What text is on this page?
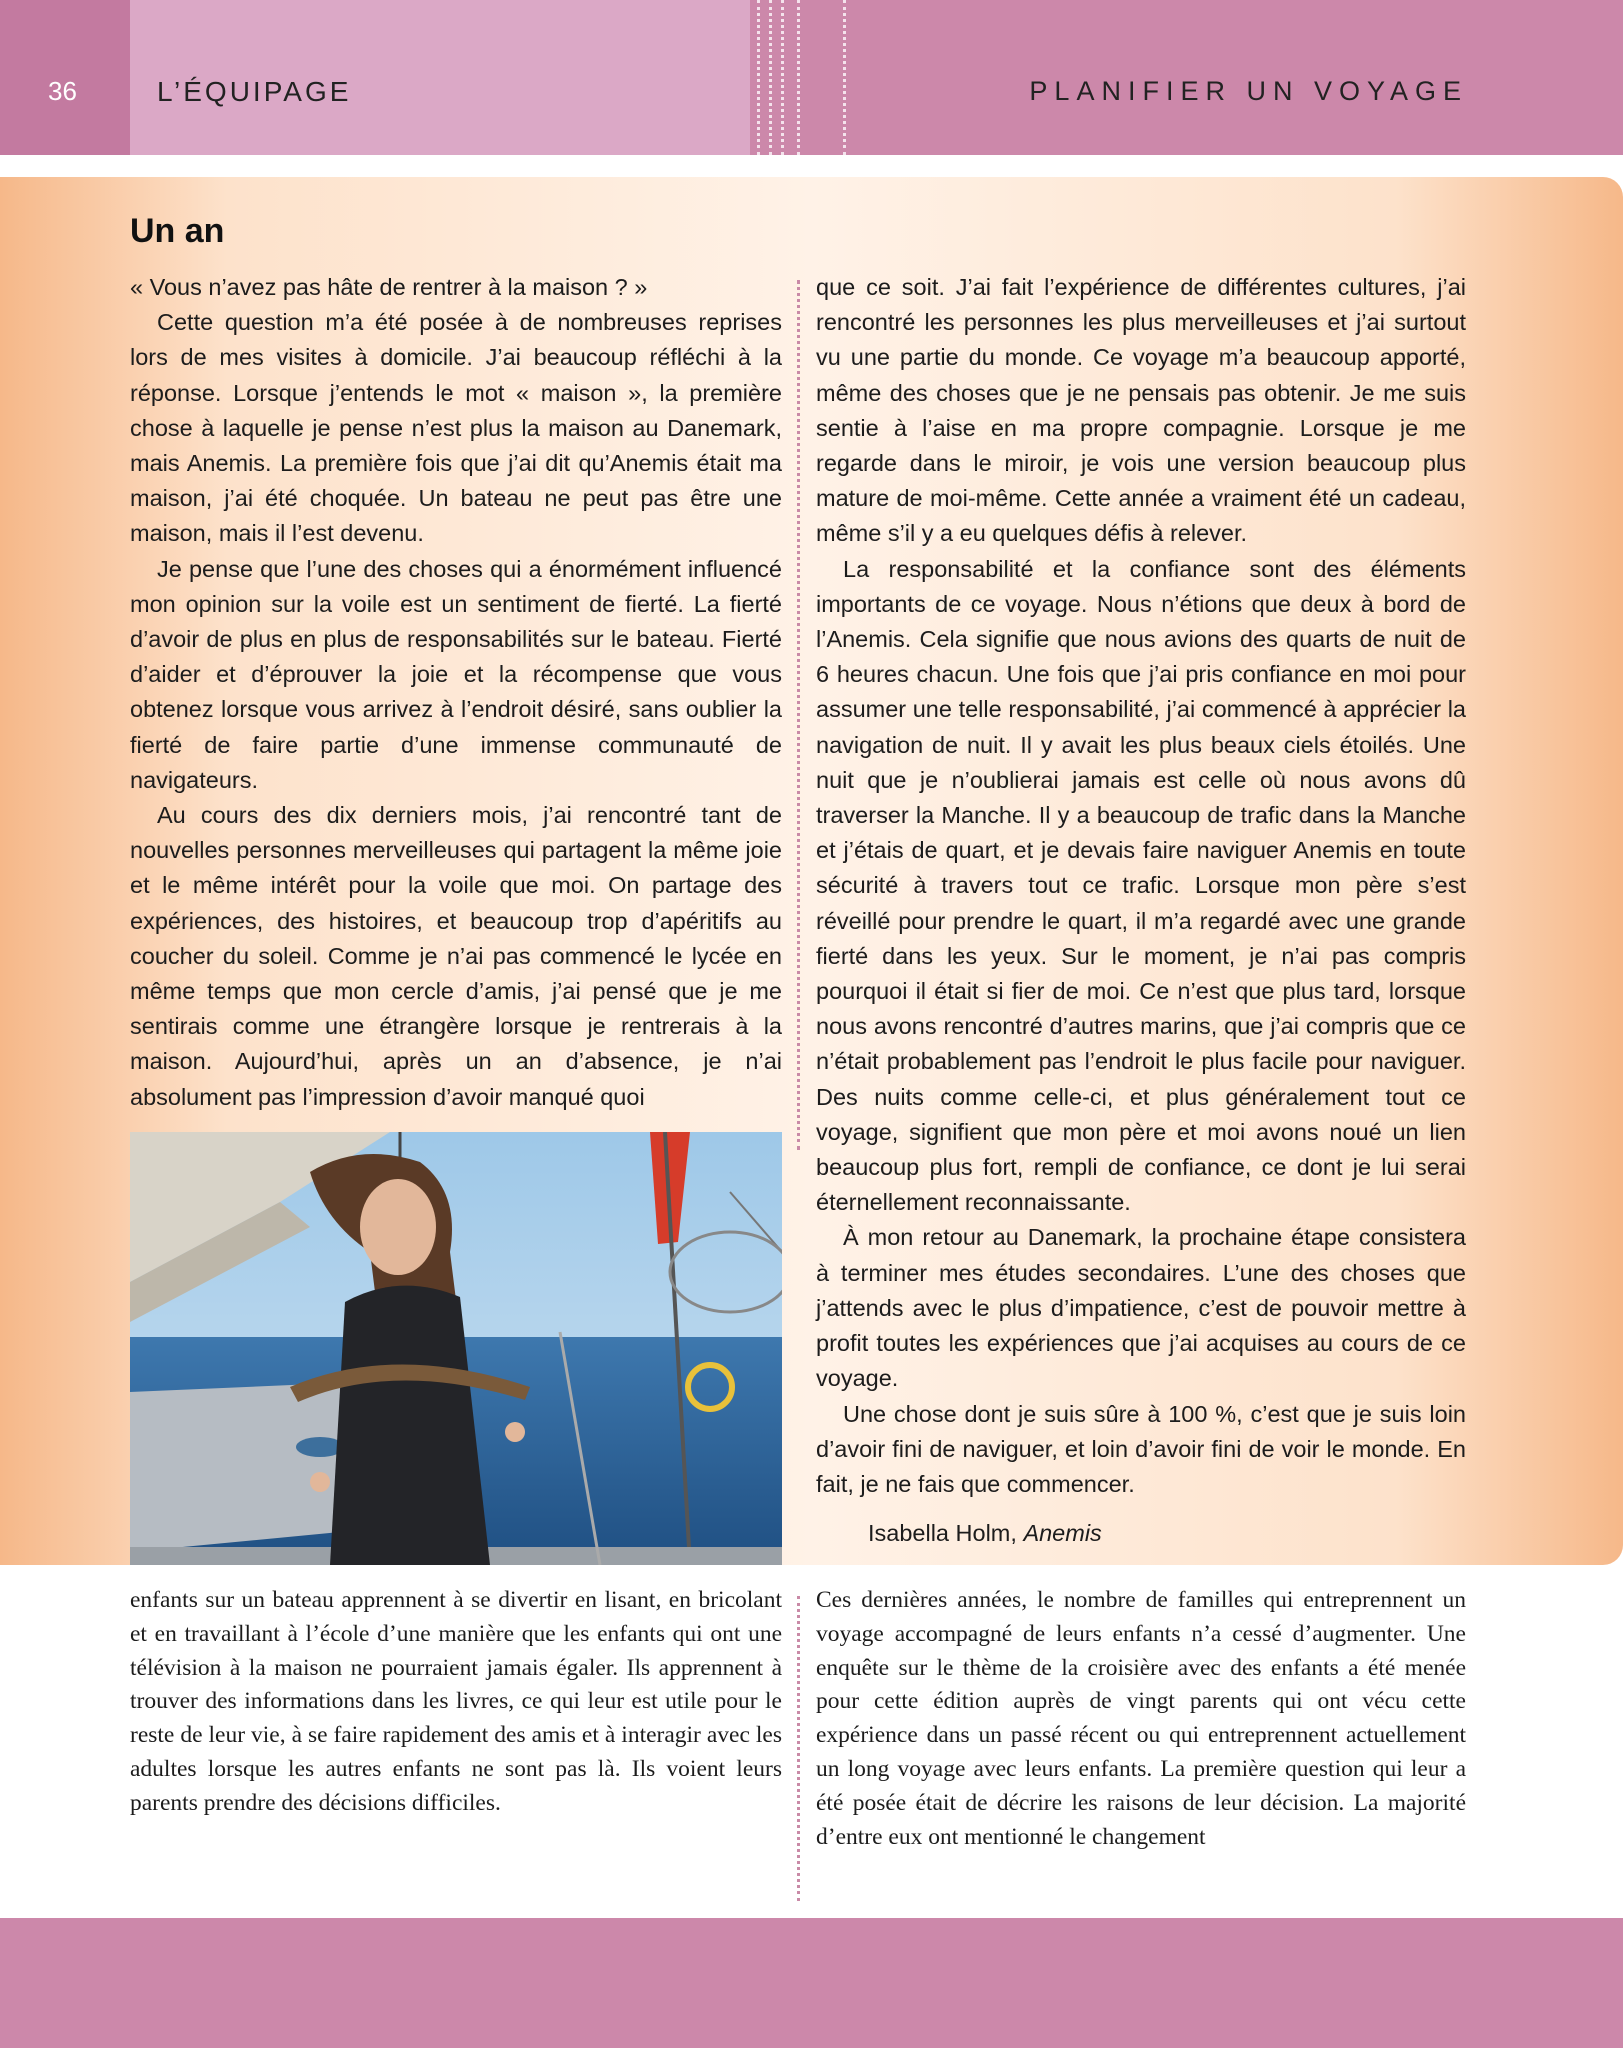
36	L’ÉQUIPAGE	PLANIFIER UN VOYAGE
Un an

« Vous n’avez pas hâte de rentrer à la maison ? »

Cette question m’a été posée à de nombreuses reprises lors de mes visites à domicile. J’ai beaucoup réfléchi à la réponse. Lorsque j’entends le mot « maison », la première chose à laquelle je pense n’est plus la maison au Danemark, mais Anemis. La première fois que j’ai dit qu’Anemis était ma maison, j’ai été choquée. Un bateau ne peut pas être une maison, mais il l’est devenu.

Je pense que l’une des choses qui a énormément influencé mon opinion sur la voile est un sentiment de fierté. La fierté d’avoir de plus en plus de responsabilités sur le bateau. Fierté d’aider et d’éprouver la joie et la récompense que vous obtenez lorsque vous arrivez à l’endroit désiré, sans oublier la fierté de faire partie d’une immense communauté de navigateurs.

Au cours des dix derniers mois, j’ai rencontré tant de nouvelles personnes merveilleuses qui partagent la même joie et le même intérêt pour la voile que moi. On partage des expériences, des histoires, et beaucoup trop d’apéritifs au coucher du soleil. Comme je n’ai pas commencé le lycée en même temps que mon cercle d’amis, j’ai pensé que je me sentirais comme une étrangère lorsque je rentrerais à la maison. Aujourd’hui, après un an d’absence, je n’ai absolument pas l’impression d’avoir manqué quoi

que ce soit. J’ai fait l’expérience de différentes cultures, j’ai rencontré les personnes les plus merveilleuses et j’ai surtout vu une partie du monde. Ce voyage m’a beaucoup apporté, même des choses que je ne pensais pas obtenir. Je me suis sentie à l’aise en ma propre compagnie. Lorsque je me regarde dans le miroir, je vois une version beaucoup plus mature de moi-même. Cette année a vraiment été un cadeau, même s’il y a eu quelques défis à relever.

La responsabilité et la confiance sont des éléments importants de ce voyage. Nous n’étions que deux à bord de l’Anemis. Cela signifie que nous avions des quarts de nuit de 6 heures chacun. Une fois que j’ai pris confiance en moi pour assumer une telle responsabilité, j’ai commencé à apprécier la navigation de nuit. Il y avait les plus beaux ciels étoilés. Une nuit que je n’oublierai jamais est celle où nous avons dû traverser la Manche. Il y a beaucoup de trafic dans la Manche et j’étais de quart, et je devais faire naviguer Anemis en toute sécurité à travers tout ce trafic. Lorsque mon père s’est réveillé pour prendre le quart, il m’a regardé avec une grande fierté dans les yeux. Sur le moment, je n’ai pas compris pourquoi il était si fier de moi. Ce n’est que plus tard, lorsque nous avons rencontré d’autres marins, que j’ai compris que ce n’était probablement pas l’endroit le plus facile pour naviguer. Des nuits comme celle-ci, et plus généralement tout ce voyage, signifient que mon père et moi avons noué un lien beaucoup plus fort, rempli de confiance, ce dont je lui serai éternellement reconnaissante.

À mon retour au Danemark, la prochaine étape consistera à terminer mes études secondaires. L’une des choses que j’attends avec le plus d’impatience, c’est de pouvoir mettre à profit toutes les expériences que j’ai acquises au cours de ce voyage.

Une chose dont je suis sûre à 100 %, c’est que je suis loin d’avoir fini de naviguer, et loin d’avoir fini de voir le monde. En fait, je ne fais que commencer.

Isabella Holm, Anemis
enfants sur un bateau apprennent à se divertir en lisant, en bricolant et en travaillant à l’école d’une manière que les enfants qui ont une télévision à la maison ne pourraient jamais égaler. Ils apprennent à trouver des informations dans les livres, ce qui leur est utile pour le reste de leur vie, à se faire rapidement des amis et à interagir avec les adultes lorsque les autres enfants ne sont pas là. Ils voient leurs parents prendre des décisions difficiles.
Ces dernières années, le nombre de familles qui entreprennent un voyage accompagné de leurs enfants n’a cessé d’augmenter. Une enquête sur le thème de la croisière avec des enfants a été menée pour cette édition auprès de vingt parents qui ont vécu cette expérience dans un passé récent ou qui entreprennent actuellement un long voyage avec leurs enfants. La première question qui leur a été posée était de décrire les raisons de leur décision. La majorité d’entre eux ont mentionné le changement
